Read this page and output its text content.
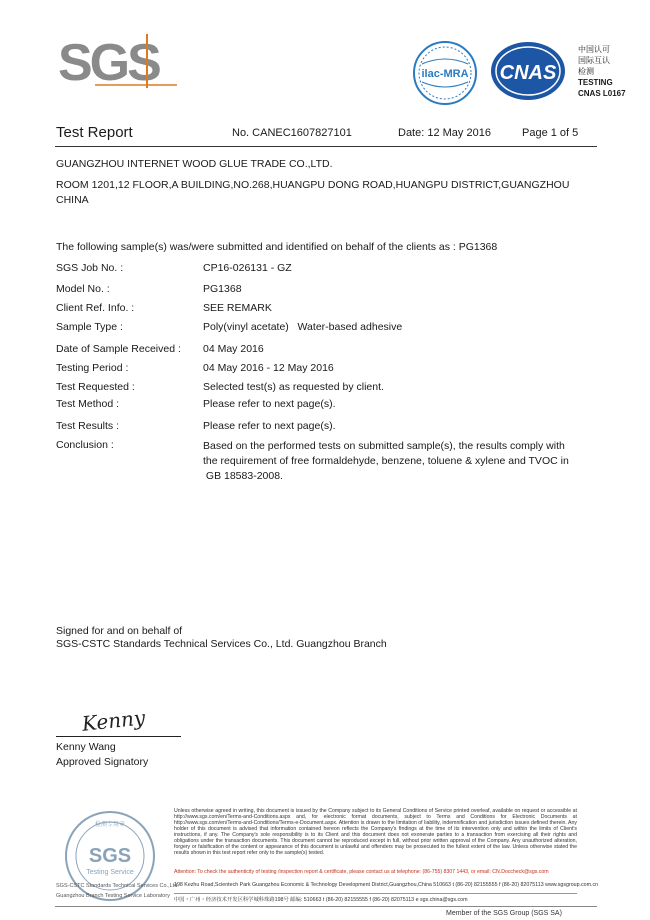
SGS	ilac-MRA CNAS
中国认可
国际互认
检测
TESTING
CNAS L0167
Test Report	No. CANEC1607827101	Date: 12 May 2016	Page 1 of 5
GUANGZHOU INTERNET WOOD GLUE TRADE CO.,LTD.
ROOM 1201,12 FLOOR,A BUILDING,NO.268,HUANGPU DONG ROAD,HUANGPU DISTRICT,GUANGZHOU CHINA
The following sample(s) was/were submitted and identified on behalf of the clients as : PG1368
SGS Job No. :	CP16-026131 - GZ
Model No. :	PG1368
Client Ref. Info. :	SEE REMARK
Sample Type :	Poly(vinyl acetate)   Water-based adhesive
Date of Sample Received : 04 May 2016
Testing Period :	04 May 2016 - 12 May 2016
Test Requested :	Selected test(s) as requested by client.
Test Method :	Please refer to next page(s).
Test Results :	Please refer to next page(s).
Conclusion :	Based on the performed tests on submitted sample(s), the results comply with
the requirement of free formaldehyde, benzene, toluene & xylene and TVOC in
GB 18583-2008.
Signed for and on behalf of
SGS-CSTC Standards Technical Services Co., Ltd. Guangzhou Branch
Kenny
Kenny Wang
Approved Signatory
检测专用章
SGS
Testing Service
SGS-CSTC Standards Technical Services Co.,Ltd.
Guangzhou Branch Testing Service Laboratory
Unless otherwise agreed in writing, this document is issued by the Company subject to its General Conditions of Service printed overleaf, available on request or accessible at http://www.sgs.com/en/Terms-and-Conditions.aspx and, for electronic format documents, subject to Terms and Conditions for Electronic Documents at http://www.sgs.com/en/Terms-and-Conditions/Terms-e-Document.aspx. Attention is drawn to the limitation of liability, indemnification and jurisdiction issues defined therein. Any holder of this document is advised that information contained hereon reflects the Company's findings at the time of its intervention only and within the limits of Client's instructions, if any. The Company's sole responsibility is to its Client and this document does not exonerate parties to a transaction from exercising all their rights and obligations under the transaction documents. This document cannot be reproduced except in full, without prior written approval of the Company. Any unauthorized alteration, forgery or falsification of the content or appearance of this document is unlawful and offenders may be prosecuted to the fullest extent of the law. Unless otherwise stated the results shown in this test report refer only to the sample(s) tested.
Attention: To check the authenticity of testing /inspection report & certificate, please contact us at telephone: (86-755) 8307 1443, or email: CN.Doccheck@sgs.com
198 Kezhu Road,Scientech Park Guangzhou Economic & Technology Development District,Guangzhou,China 510663 t (86-20) 82155555 f (86-20) 82075113 www.sgsgroup.com.cn
中国・广州・经济技术开发区科学城科珠路198号 邮编: 510663 t (86-20) 82155555 f (86-20) 82075113 e sgs.china@sgs.com
Member of the SGS Group (SGS SA)
